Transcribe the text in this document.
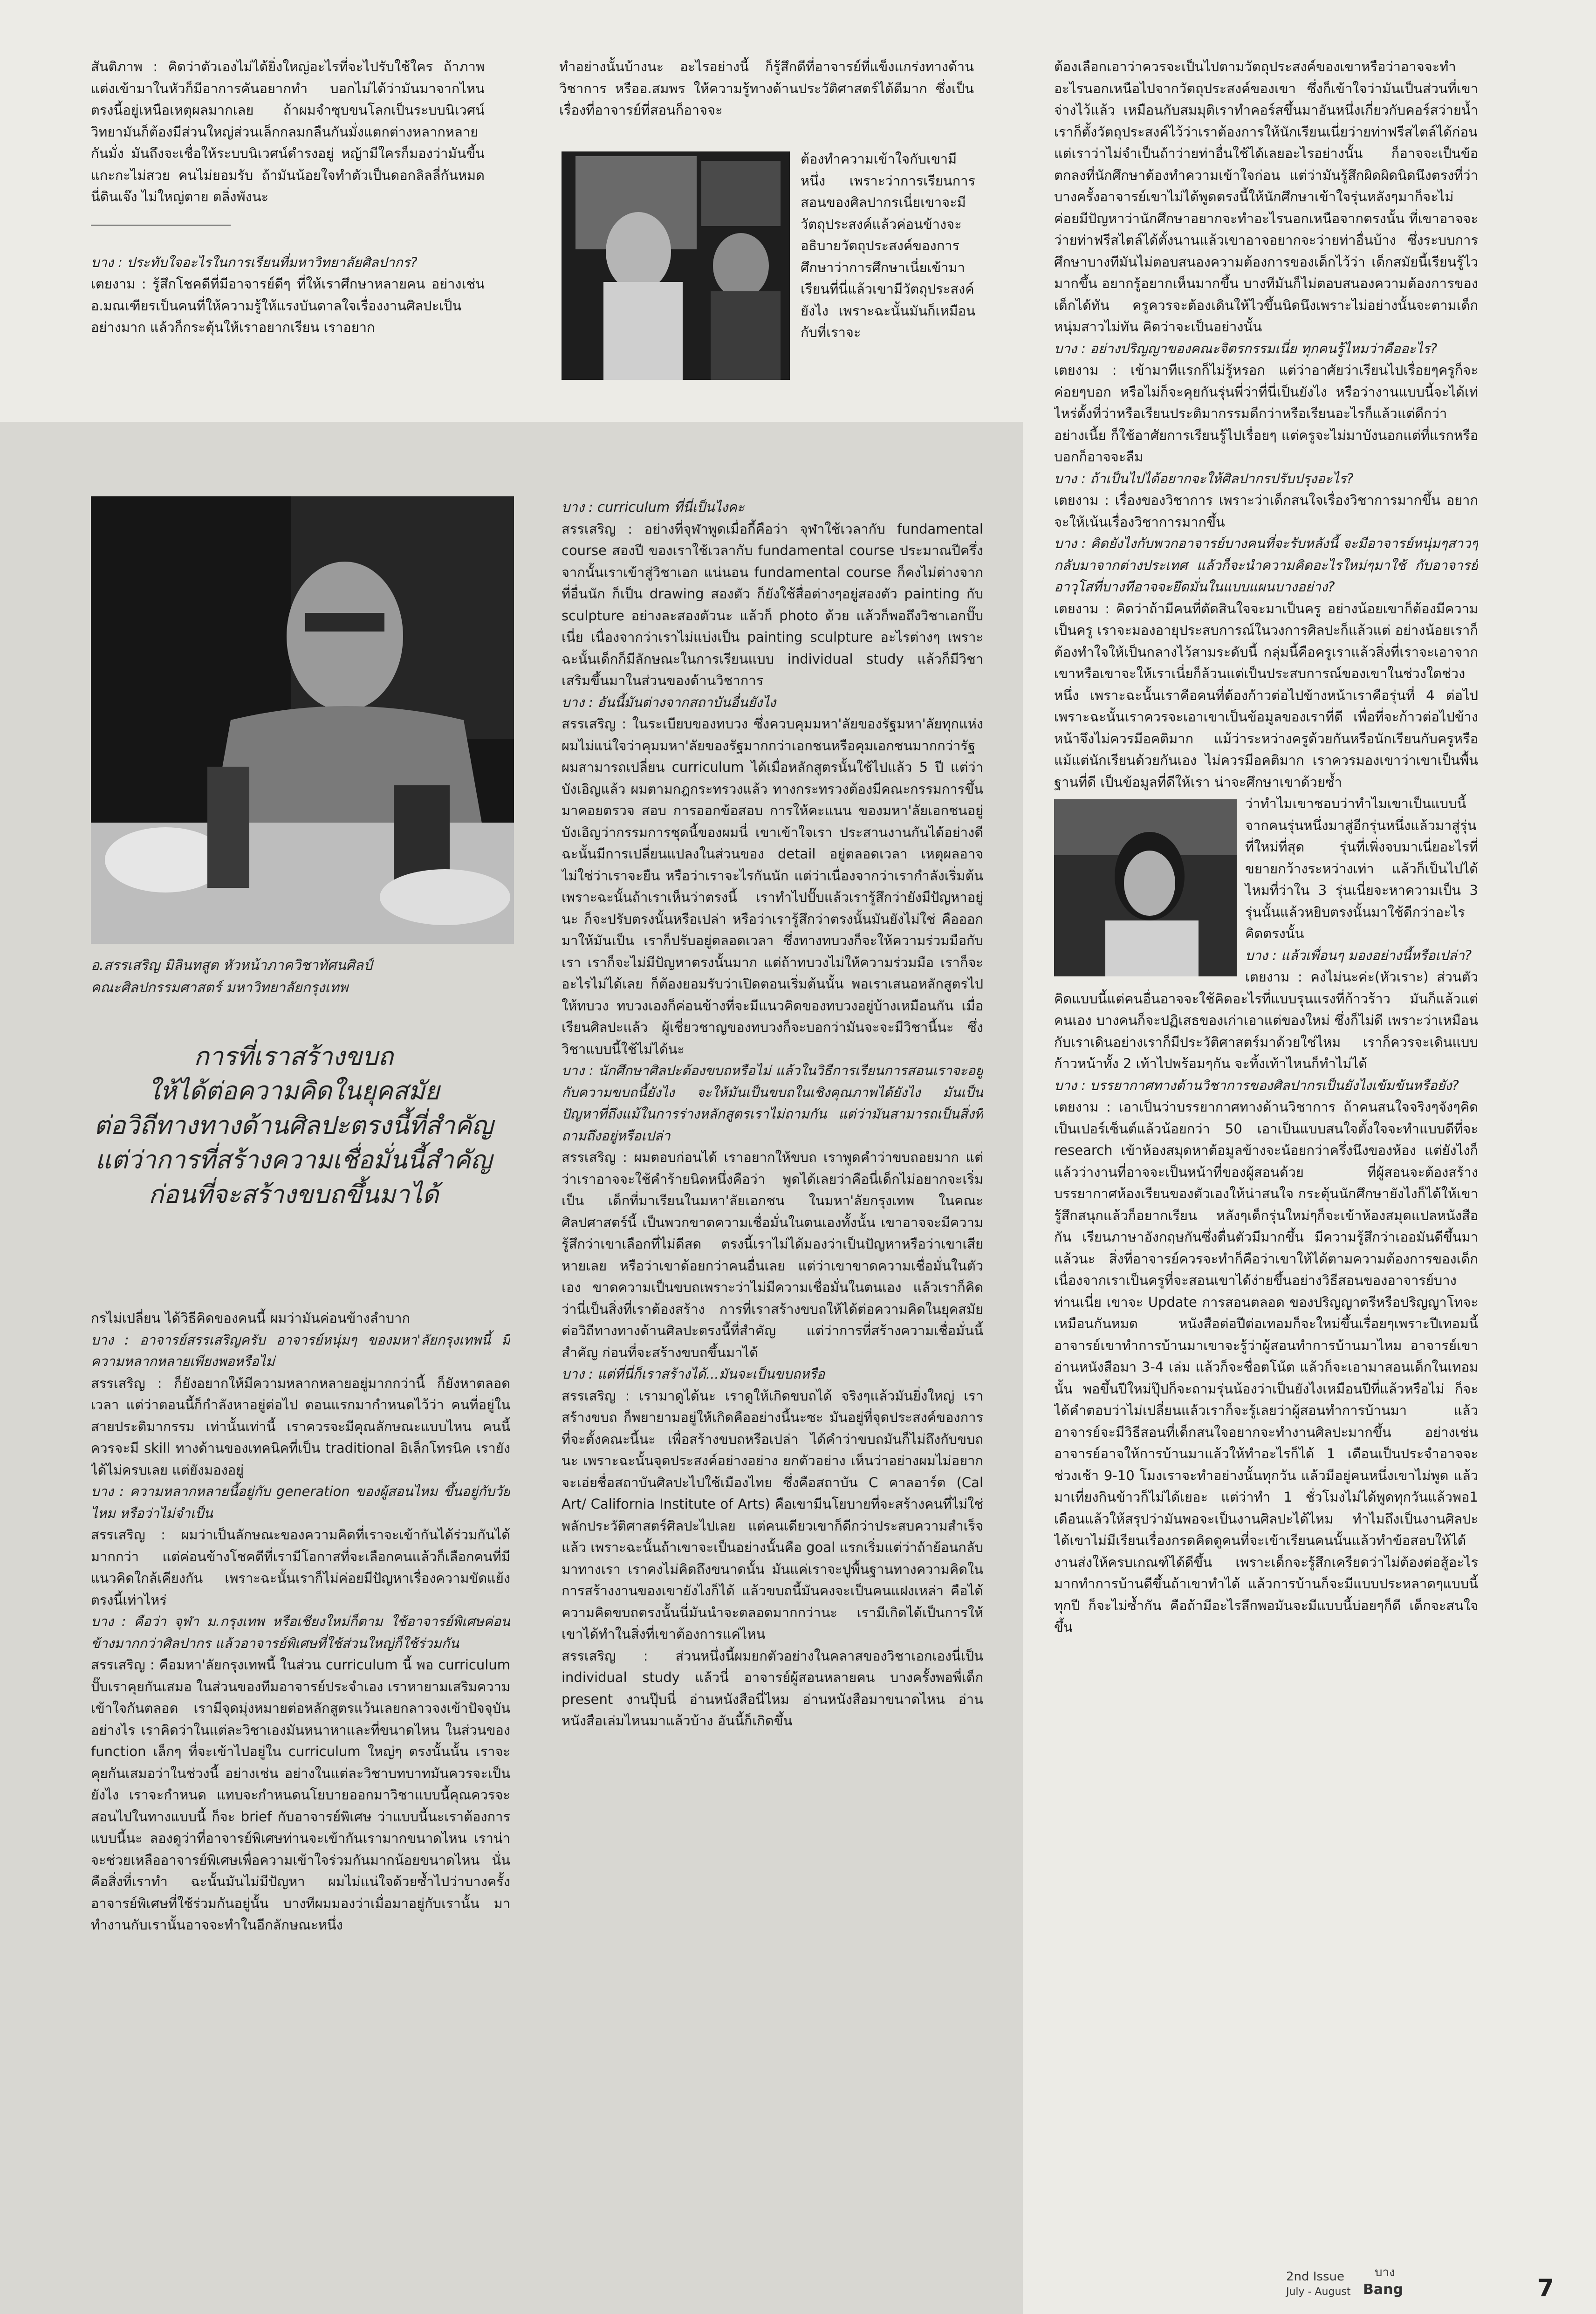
สันติภาพ : คิดว่าตัวเองไม่ได้ยิ่งใหญ่อะไรที่จะไปรับใช้ใคร ถ้าภาพแต่งเข้ามาในหัวก็มีอาการคันอยากทำ บอกไม่ได้ว่ามันมาจากไหน ตรงนี้อยู่เหนือเหตุผลมากเลย ถ้าผมจำซุบขนโลกเป็นระบบนิเวศน์วิทยามันก็ต้องมีส่วนใหญ่ส่วนเล็กกลมกลืนกันมั่งแตกต่างหลากหลายกันมั่ง มันถึงจะเชื่อให้ระบบนิเวศน์ดำรงอยู่ หญ้ามีใครก็มองว่ามันขี้นแกะกะไม่สวย คนไม่ยอมรับ ถ้ามันน้อยใจทำตัวเป็นดอกลิลลี่กันหมดนี่ดินเจ๊ง ไม่ใหญ่ตาย ตลิ่งพังนะ

บาง : ประทับใจอะไรในการเรียนที่มหาวิทยาลัยศิลปากร?

เตยงาม : รู้สึกโชคดีที่มีอาจารย์ดีๆ ที่ให้เราศึกษาหลายคน อย่างเช่นอ.มณเฑียรเป็นคนที่ให้ความรู้ให้แรงบันดาลใจเรื่องงานศิลปะเป็นอย่างมาก แล้วก็กระตุ้นให้เราอยากเรียน เราอยาก

ทำอย่างนั้นบ้างนะ อะไรอย่างนี้ ก็รู้สึกดีที่อาจารย์ที่แข็งแกร่งทางด้านวิชาการ หรืออ.สมพร ให้ความรู้ทางด้านประวัติศาสตร์ได้ดีมาก ซึ่งเป็นเรื่องที่อาจารย์ที่สอนก็อาจจะ

ต้องทำความเข้าใจกับเขามีหนึ่ง เพราะว่าการเรียนการสอนของศิลปากรเนี่ยเขาจะมีวัตถุประสงค์แล้วค่อนข้างจะอธิบายวัตถุประสงค์ของการศึกษาว่าการศึกษาเนี่ยเข้ามาเรียนที่นี่แล้วเขามีวัตถุประสงค์ยังไง เพราะฉะนั้นมันก็เหมือนกับที่เราจะ

ต้องเลือกเอาว่าควรจะเป็นไปตามวัตถุประสงค์ของเขาหรือว่าอาจจะทำอะไรนอกเหนือไปจากวัตถุประสงค์ของเขา ซึ่งก็เข้าใจว่ามันเป็นส่วนที่เขาจ่างไว้แล้ว เหมือนกับสมมุติเราทำคอร์สขึ้นมาอันหนึ่งเกี่ยวกับคอร์สว่ายน้ำ เราก็ตั้งวัตถุประสงค์ไว้ว่าเราต้องการให้นักเรียนเนี่ยว่ายท่าฟรีสไตล์ได้ก่อน แต่เราว่าไม่จำเป็นถ้าว่ายท่าอื่นใช้ได้เลยอะไรอย่างนั้น ก็อาจจะเป็นข้อตกลงที่นักศึกษาต้องทำความเข้าใจก่อน แต่ว่ามันรู้สึกผิดผิดนิดนึงตรงที่ว่าบางครั้งอาจารย์เขาไม่ได้พูดตรงนี้ให้นักศึกษาเข้าใจรุ่นหลังๆมาก็จะไม่ค่อยมีปัญหาว่านักศึกษาอยากจะทำอะไรนอกเหนือจากตรงนั้น ที่เขาอาจจะว่ายท่าฟรีสไตล์ได้ตั้งนานแล้วเขาอาจอยากจะว่ายท่าอื่นบ้าง ซึ่งระบบการศึกษาบางทีมันไม่ตอบสนองความต้องการของเด็กไว้ว่า เด็กสมัยนี้เรียนรู้ไวมากขึ้น อยากรู้อยากเห็นมากขึ้น บางทีมันก็ไม่ตอบสนองความต้องการของเด็กได้ทัน ครูควรจะต้องเดินให้ไวขึ้นนิดนึงเพราะไม่อย่างนั้นจะตามเด็กหนุ่มสาวไม่ทัน คิดว่าจะเป็นอย่างนั้น

บาง : อย่างปริญญาของคณะจิตรกรรมเนี่ย ทุกคนรู้ไหมว่าคืออะไร?

เตยงาม : เข้ามาทีแรกก็ไม่รู้หรอก แต่ว่าอาศัยว่าเรียนไปเรื่อยๆครูก็จะค่อยๆบอก หรือไม่ก็จะคุยกันรุ่นพี่ว่าที่นี่เป็นยังไง หรือว่างานแบบนี้จะได้เท่ไหร่ตั้งที่ว่าหรือเรียนประติมากรรมดีกว่าหรือเรียนอะไรก็แล้วแต่ดีกว่า อย่างเนี้ย ก็ใช้อาศัยการเรียนรู้ไปเรื่อยๆ แต่ครูจะไม่มาบังนอกแต่ที่แรกหรือบอกก็อาจจะลืม

บาง : ถ้าเป็นไปได้อยากจะให้ศิลปากรปรับปรุงอะไร?

เตยงาม : เรื่องของวิชาการ เพราะว่าเด็กสนใจเรื่องวิชาการมากขึ้น อยากจะให้เน้นเรื่องวิชาการมากขึ้น

บาง : คิดยังไงกับพวกอาจารย์บางคนที่จะรับหลังนี้ จะมีอาจารย์หนุ่มๆสาวๆกลับมาจากต่างประเทศ แล้วก็จะนำความคิดอะไรใหม่ๆมาใช้ กับอาจารย์อาวุโสที่บางทีอาจจะยึดมั่นในแบบแผนบางอย่าง?

เตยงาม : คิดว่าถ้ามีคนที่ตัดสินใจจะมาเป็นครู อย่างน้อยเขาก็ต้องมีความเป็นครู เราจะมองอายุประสบการณ์ในวงการศิลปะก็แล้วแต่ อย่างน้อยเราก็ต้องทำใจให้เป็นกลางไว้สามระดับนี้ กลุ่มนี้คือครูเราแล้วสิ่งที่เราจะเอาจากเขาหรือเขาจะให้เราเนี่ยก็ล้วนแต่เป็นประสบการณ์ของเขาในช่วงใดช่วงหนึ่ง เพราะฉะนั้นเราคือคนที่ต้องก้าวต่อไปข้างหน้าเราคือรุ่นที่ 4 ต่อไป เพราะฉะนั้นเราควรจะเอาเขาเป็นข้อมูลของเราที่ดี เพื่อที่จะก้าวต่อไปข้างหน้าจึงไม่ควรมีอคติมาก แม้ว่าระหว่างครูด้วยกันหรือนักเรียนกับครูหรือแม้แต่นักเรียนด้วยกันเอง ไม่ควรมีอคติมาก เราควรมองเขาว่าเขาเป็นพื้นฐานที่ดี เป็นข้อมูลที่ดีให้เรา น่าจะศึกษาเขาด้วยซ้ำ

ว่าทำไมเขาชอบว่าทำไมเขาเป็นแบบนี้จากคนรุ่นหนึ่งมาสู่อีกรุ่นหนึ่งแล้วมาสู่รุ่นที่ใหม่ที่สุด รุ่นที่เพิ่งจบมาเนี่ยอะไรที่ขยายกว้างระหว่างเท่า แล้วก็เป็นไปได้ไหมที่ว่าใน 3 รุ่นเนี่ยจะหาความเป็น 3 รุ่นนั้นแล้วหยิบตรงนั้นมาใช้ดีกว่าอะไรคิดตรงนั้น

บาง : แล้วเพื่อนๆ มองอย่างนี้หรือเปล่า?

เตยงาม : คงไม่นะค่ะ(หัวเราะ) ส่วนตัวคิดแบบนี้แต่คนอื่นอาจจะใช้คิดอะไรที่แบบรุนแรงที่ก้าวร้าว มันก็แล้วแต่คนเอง บางคนก็จะปฏิเสธของเก่าเอาแต่ของใหม่ ซึ่งก็ไม่ดี เพราะว่าเหมือนกับเราเดินอย่างเราก็มีประวัติศาสตร์มาด้วยใช่ไหม เราก็ควรจะเดินแบบก้าวหน้าทั้ง 2 เท้าไปพร้อมๆกัน จะทิ้งเท้าไหนก็ทำไม่ได้

บาง : บรรยากาศทางด้านวิชาการของศิลปากรเป็นยังไงเข้มข้นหรือยัง?

เตยงาม : เอาเป็นว่าบรรยากาศทางด้านวิชาการ ถ้าคนสนใจจริงๆจังๆคิดเป็นเปอร์เซ็นต์แล้วน้อยกว่า 50 เอาเป็นแบบสนใจตั้งใจจะทำแบบดีที่จะ research เข้าห้องสมุดหาต้อมูลข้างจะน้อยกว่าครึ่งนึงของห้อง แต่ยังไงก็แล้วว่างานที่อาจจะเป็นหน้าที่ของผู้สอนด้วย ที่ผู้สอนจะต้องสร้างบรรยากาศห้องเรียนของตัวเองให้น่าสนใจ กระตุ้นนักศึกษายังไงก็ได้ให้เขารู้สึกสนุกแล้วก็อยากเรียน หลังๆเด็กรุ่นใหม่ๆก็จะเข้าห้องสมุดแปลหนังสือกัน เรียนภาษาอังกฤษกันซึ่งตื่นตัวมีมากขึ้น มีความรู้สึกว่าเออมันดีขึ้นมาแล้วนะ สิ่งที่อาจารย์ควรจะทำก็คือว่าเขาให้ได้ตามความต้องการของเด็ก เนื่องจากเราเป็นครูที่จะสอนเขาได้ง่ายขึ้นอย่างวิธีสอนของอาจารย์บางท่านเนี่ย เขาจะ Update การสอนตลอด ของปริญญาตรีหรือปริญญาโทจะเหมือนกันหมด หนังสือต่อปีต่อเทอมก็จะใหม่ขึ้นเรื่อยๆเพราะปีเทอมนี้อาจารย์เขาทำการบ้านมาเขาจะรู้ว่าผู้สอนทำการบ้านมาไหม อาจารย์เขาอ่านหนังสือมา 3-4 เล่ม แล้วก็จะชื่อตโน้ต แล้วก็จะเอามาสอนเด็กในเทอมนั้น พอขึ้นปีใหม่ปุ๊ปก็จะถามรุ่นน้องว่าเป็นยังไงเหมือนปีที่แล้วหรือไม่ ก็จะได้คำตอบว่าไม่เปลี่ยนแล้วเราก็จะรู้เลยว่าผู้สอนทำการบ้านมา แล้วอาจารย์จะมีวิธีสอนที่เด็กสนใจอยากจะทำงานศิลปะมากขึ้น อย่างเช่นอาจารย์อาจให้การบ้านมาแล้วให้ทำอะไรก็ได้ 1 เดือนเป็นประจำอาจจะช่วงเช้า 9-10 โมงเราจะทำอย่างนั้นทุกวัน แล้วมีอยู่คนหนึ่งเขาไม่พูด แล้วมาเที่ยงกินข้าวก็ไม่ได้เยอะ แต่ว่าทำ 1 ชั่วโมงไม่ได้พูดทุกวันแล้วพอ1 เดือนแล้วให้สรุปว่ามันพอจะเป็นงานศิลปะได้ไหม ทำไมถึงเป็นงานศิลปะได้เขาไม่มีเรียนเรื่องกรดคิดดูคนที่จะเข้าเรียนคนนั้นแล้วทำข้อสอบให้ได้งานส่งให้ครบเกณฑ์ได้ดีขึ้น เพราะเด็กจะรู้สึกเครียดว่าไม่ต้องต่อสู้อะไรมากทำการบ้านดีขึ้นถ้าเขาทำได้ แล้วการบ้านก็จะมีแบบประหลาดๆแบบนี้ทุกปี ก็จะไม่ซ้ำกัน คือถ้ามีอะไรลึกพอมันจะมีแบบนี้บ่อยๆก็ดี เด็กจะสนใจขึ้น

อ.สรรเสริญ มิลินทสูต หัวหน้าภาควิชาทัศนศิลป์
คณะศิลปกรรมศาสตร์ มหาวิทยาลัยกรุงเทพ
การที่เราสร้างขบถ
ให้ได้ต่อความคิดในยุคสมัย
ต่อวิถีทางทางด้านศิลปะตรงนี้ที่สำคัญ
แต่ว่าการที่สร้างความเชื่อมั่นนี้สำคัญ
ก่อนที่จะสร้างขบถขึ้นมาได้

กรไม่เปลี่ยน ได้วิธีคิดของคนนี้ ผมว่ามันค่อนข้างลำบาก

บาง : อาจารย์สรรเสริญครับ อาจารย์หนุ่มๆ ของมหา'ลัยกรุงเทพนี้ มีความหลากหลายเพียงพอหรือไม่

สรรเสริญ : ก็ยังอยากให้มีความหลากหลายอยู่มากกว่านี้ ก็ยังหาตลอดเวลา แต่ว่าตอนนี้ก็กำลังหาอยู่ต่อไป ตอนแรกมากำหนดไว้ว่า คนที่อยู่ในสายประติมากรรม เท่านั้นเท่านี้ เราควรจะมีคุณลักษณะแบบไหน คนนี้ควรจะมี skill ทางด้านของเทคนิคที่เป็น traditional อิเล็กโทรนิค เรายังได้ไม่ครบเลย แต่ยังมองอยู่

บาง : ความหลากหลายนี้อยู่กับ generation ของผู้สอนไหม ขึ้นอยู่กับวัยไหม หรือว่าไม่จำเป็น

สรรเสริญ : ผมว่าเป็นลักษณะของความคิดที่เราจะเข้ากันได้ร่วมกันได้มากกว่า แต่ค่อนข้างโชคดีที่เรามีโอกาสที่จะเลือกคนแล้วก็เลือกคนที่มีแนวคิดใกล้เคียงกัน เพราะฉะนั้นเราก็ไม่ค่อยมีปัญหาเรื่องความขัดแย้งตรงนี้เท่าไหร่

บาง : คือว่า จุฬา ม.กรุงเทพ หรือเชียงใหม่ก็ตาม ใช้อาจารย์พิเศษค่อนข้างมากกว่าศิลปากร แล้วอาจารย์พิเศษที่ใช้ส่วนใหญ่ก็ใช้ร่วมกัน

สรรเสริญ : คือมหา'ลัยกรุงเทพนี้ ในส่วน curriculum นี้ พอ curriculum ปั๊บเราคุยกันเสมอ ในส่วนของทีมอาจารย์ประจำเอง เราหายามเสริมความเข้าใจกันตลอด เรามีจุดมุ่งหมายต่อหลักสูตรแว้นเลยกลาวจงเข้าปัจจุบันอย่างไร เราคิดว่าในแต่ละวิชาเองมันหนาหาและที่ขนาดไหน ในส่วนของ function เล็กๆ ที่จะเข้าไปอยู่ใน curriculum ใหญ่ๆ ตรงนั้นนั้น เราจะคุยกันเสมอว่าในช่วงนี้ อย่างเช่น อย่างในแต่ละวิชาบทบาทมันควรจะเป็นยังไง เราจะกำหนด แทบจะกำหนดนโยบายออกมาวิชาแบบนี้คุณควรจะสอนไปในทางแบบนี้ ก็จะ brief กับอาจารย์พิเศษ ว่าแบบนี้นะเราต้องการแบบนี้นะ ลองดูว่าที่อาจารย์พิเศษท่านจะเข้ากันเรามากขนาดไหน เราน่าจะช่วยเหลืออาจารย์พิเศษเพื่อความเข้าใจร่วมกันมากน้อยขนาดไหน นั่นคือสิ่งที่เราทำ ฉะนั้นมันไม่มีปัญหา ผมไม่แน่ใจด้วยซ้ำไปว่าบางครั้งอาจารย์พิเศษที่ใช้ร่วมกันอยู่นั้น บางทีผมมองว่าเมื่อมาอยู่กับเรานั้น มาทำงานกับเรานั้นอาจจะทำในอีกลักษณะหนึ่ง

บาง : curriculum ที่นี่เป็นไงคะ

สรรเสริญ : อย่างที่จุฬาพูดเมื่อกี้คือว่า จุฬาใช้เวลากับ fundamental course สองปี ของเราใช้เวลากับ fundamental course ประมาณปีครึ่ง จากนั้นเราเข้าสู่วิชาเอก แน่นอน fundamental course ก็คงไม่ต่างจากที่อื่นนัก ก็เป็น drawing สองตัว ก็ยังใช้สื่อต่างๆอยู่สองตัว painting กับ sculpture อย่างละสองตัวนะ แล้วก็ photo ด้วย แล้วก็พอถึงวิชาเอกปั๊บเนี่ย เนื่องจากว่าเราไม่แบ่งเป็น painting sculpture อะไรต่างๆ เพราะฉะนั้นเด็กก็มีลักษณะในการเรียนแบบ individual study แล้วก็มีวิชาเสริมขึ้นมาในส่วนของด้านวิชาการ

บาง : อันนี้มันต่างจากสถาบันอื่นยังไง

สรรเสริญ : ในระเบียบของทบวง ซึ่งควบคุมมหา'ลัยของรัฐมหา'ลัยทุกแห่ง ผมไม่แน่ใจว่าคุมมหา'ลัยของรัฐมากกว่าเอกชนหรือคุมเอกชนมากกว่ารัฐ ผมสามารถเปลี่ยน curriculum ได้เมื่อหลักสูตรนั้นใช้ไปแล้ว 5 ปี แต่ว่าบังเอิญแล้ว ผมตามกฎกระทรวงแล้ว ทางกระทรวงต้องมีคณะกรรมการขึ้นมาคอยตรวจ สอบ การออกข้อสอบ การให้คะแนน ของมหา'ลัยเอกชนอยู่ บังเอิญว่ากรรมการชุดนี้ของผมนี่ เขาเข้าใจเรา ประสานงานกันได้อย่างดี ฉะนั้นมีการเปลี่ยนแปลงในส่วนของ detail อยู่ตลอดเวลา เหตุผลอาจไม่ใช่ว่าเราจะยืน หรือว่าเราจะไรกันนัก แต่ว่าเนื่องจากว่าเรากำลังเริ่มต้น เพราะฉะนั้นถ้าเราเห็นว่าตรงนี้ เราทำไปปั๊บแล้วเรารู้สึกว่ายังมีปัญหาอยู่นะ ก็จะปรับตรงนั้นหรือเปล่า หรือว่าเรารู้สึกว่าตรงนั้นมันยังไม่ใช่ คือออกมาให้มันเป็น เราก็ปรับอยู่ตลอดเวลา ซึ่งทางทบวงก็จะให้ความร่วมมือกับเรา เราก็จะไม่มีปัญหาตรงนั้นมาก แต่ถ้าทบวงไม่ให้ความร่วมมือ เราก็จะอะไรไม่ได้เลย ก็ต้องยอมรับว่าเปิดตอนเริ่มต้นนั้น พอเราเสนอหลักสูตรไปให้ทบวง ทบวงเองก็ค่อนข้างที่จะมีแนวคิดของทบวงอยู่บ้างเหมือนกัน เมื่อเรียนศิลปะแล้ว ผู้เชี่ยวชาญของทบวงก็จะบอกว่ามันจะจะมีวิชานี้นะ ซึ่งวิชาแบบนี้ใช้ไม่ได้นะ

บาง : นักศึกษาศิลปะต้องขบถหรือไม่ แล้วในวิธีการเรียนการสอนเราจะอยู่กับความขบถนี้ยังไง จะให้มันเป็นขบถในเชิงคุณภาพได้ยังไง มันเป็นปัญหาที่ถึงแม้ในการร่างหลักสูตรเราไม่ถามกัน แต่ว่ามันสามารถเป็นสิ่งที่ถามถึงอยู่หรือเปล่า

สรรเสริญ : ผมตอบก่อนได้ เราอยากให้ขบถ เราพูดคำว่าขบถอยมาก แต่ว่าเราอาจจะใช้คำร้ายนิดหนึ่งคือว่า พูดได้เลยว่าคือนี่เด็กไม่อยากจะเริ่มเป็น เด็กที่มาเรียนในมหา'ลัยเอกชน ในมหา'ลัยกรุงเทพ ในคณะศิลปศาสตร์นี้ เป็นพวกขาดความเชื่อมั่นในตนเองทั้งนั้น เขาอาจจะมีความรู้สึกว่าเขาเลือกที่ไม่ดีสด ตรงนี้เราไม่ได้มองว่าเป็นปัญหาหรือว่าเขาเสียหายเลย หรือว่าเขาด้อยกว่าคนอื่นเลย แต่ว่าเขาขาดความเชื่อมั่นในตัวเอง ขาดความเป็นขบถเพราะว่าไม่มีความเชื่อมั่นในตนเอง แล้วเราก็คิดว่านี่เป็นสิ่งที่เราต้องสร้าง การที่เราสร้างขบถให้ได้ต่อความคิดในยุคสมัยต่อวิถีทางทางด้านศิลปะตรงนี้ที่สำคัญ แต่ว่าการที่สร้างความเชื่อมั่นนี้สำคัญ ก่อนที่จะสร้างขบถขึ้นมาได้

บาง : แต่ที่นี่ก็เราสร้างได้...มันจะเป็นขบถหรือ

สรรเสริญ : เรามาดูได้นะ เราดูให้เกิดขบถได้ จริงๆแล้วมันยิ่งใหญ่ เราสร้างขบถ ก็พยายามอยู่ให้เกิดคืออย่างนี้นะซะ มันอยู่ที่จุดประสงค์ของการที่จะตั้งคณะนี้นะ เพื่อสร้างขบถหรือเปล่า ได้คำว่าขบถมันก็ไม่ถึงกับขบถนะ เพราะฉะนั้นจุดประสงค์อย่างอย่าง ยกตัวอย่าง เห็นว่าอย่างผมไม่อยากจะเอ่ยชื่อสถาบันศิลปะไปใช้เมืองไทย ซึ่งคือสถาบัน C คาลอาร์ต (Cal Art/ California Institute of Arts) คือเขามีนโยบายที่จะสร้างคนที่ไม่ใช่พลักประวัติศาสตร์ศิลปะไปเลย แต่คนเดียวเขาก็ดีกว่าประสบความสำเร็จแล้ว เพราะฉะนั้นถ้าเขาจะเป็นอย่างนั้นคือ goal แรกเริ่มแต่ว่าถ้าย้อนกลับมาทางเรา เราคงไม่คิดถึงขนาดนั้น มันแค่เราจะปูพื้นฐานทางความคิดในการสร้างงานของเขายังไงก็ได้ แล้วขบถนี้มันคงจะเป็นคนแฝงเหล่า คือได้ความคิดขบถตรงนั้นนี่มันนำจะตลอดมากกว่านะ เรามีเกิดได้เป็นการให้เขาได้ทำในสิ่งที่เขาต้องการแค่ไหน

สรรเสริญ : ส่วนหนึ่งนี้ผมยกตัวอย่างในคลาสของวิชาเอกเองนี่เป็น individual study แล้วนี่ อาจารย์ผู้สอนหลายคน บางครั้งพอพี่เด็ก present งานปุ๊บนี่ อ่านหนังสือนี่ไหม อ่านหนังสือมาขนาดไหน อ่านหนังสือเล่มไหนมาแล้วบ้าง อันนี้ก็เกิดขึ้น

2nd Issue
July - August
บาง
Bang	7
